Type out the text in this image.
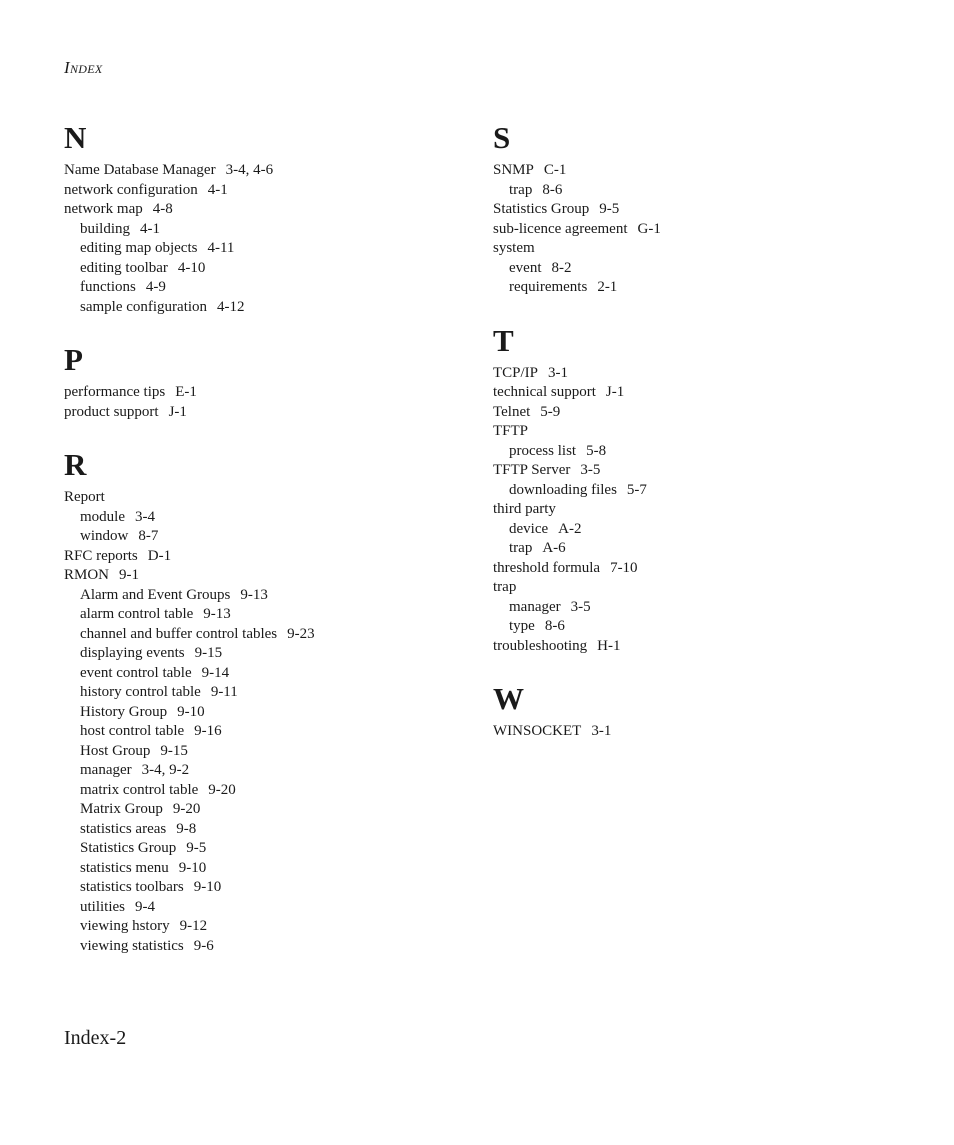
Index
N
Name Database Manager 3-4, 4-6
network configuration 4-1
network map 4-8
building 4-1
editing map objects 4-11
editing toolbar 4-10
functions 4-9
sample configuration 4-12
P
performance tips E-1
product support J-1
R
Report
module 3-4
window 8-7
RFC reports D-1
RMON 9-1
Alarm and Event Groups 9-13
alarm control table 9-13
channel and buffer control tables 9-23
displaying events 9-15
event control table 9-14
history control table 9-11
History Group 9-10
host control table 9-16
Host Group 9-15
manager 3-4, 9-2
matrix control table 9-20
Matrix Group 9-20
statistics areas 9-8
Statistics Group 9-5
statistics menu 9-10
statistics toolbars 9-10
utilities 9-4
viewing hstory 9-12
viewing statistics 9-6
S
SNMP C-1
trap 8-6
Statistics Group 9-5
sub-licence agreement G-1
system
event 8-2
requirements 2-1
T
TCP/IP 3-1
technical support J-1
Telnet 5-9
TFTP
process list 5-8
TFTP Server 3-5
downloading files 5-7
third party
device A-2
trap A-6
threshold formula 7-10
trap
manager 3-5
type 8-6
troubleshooting H-1
W
WINSOCKET 3-1
Index-2
